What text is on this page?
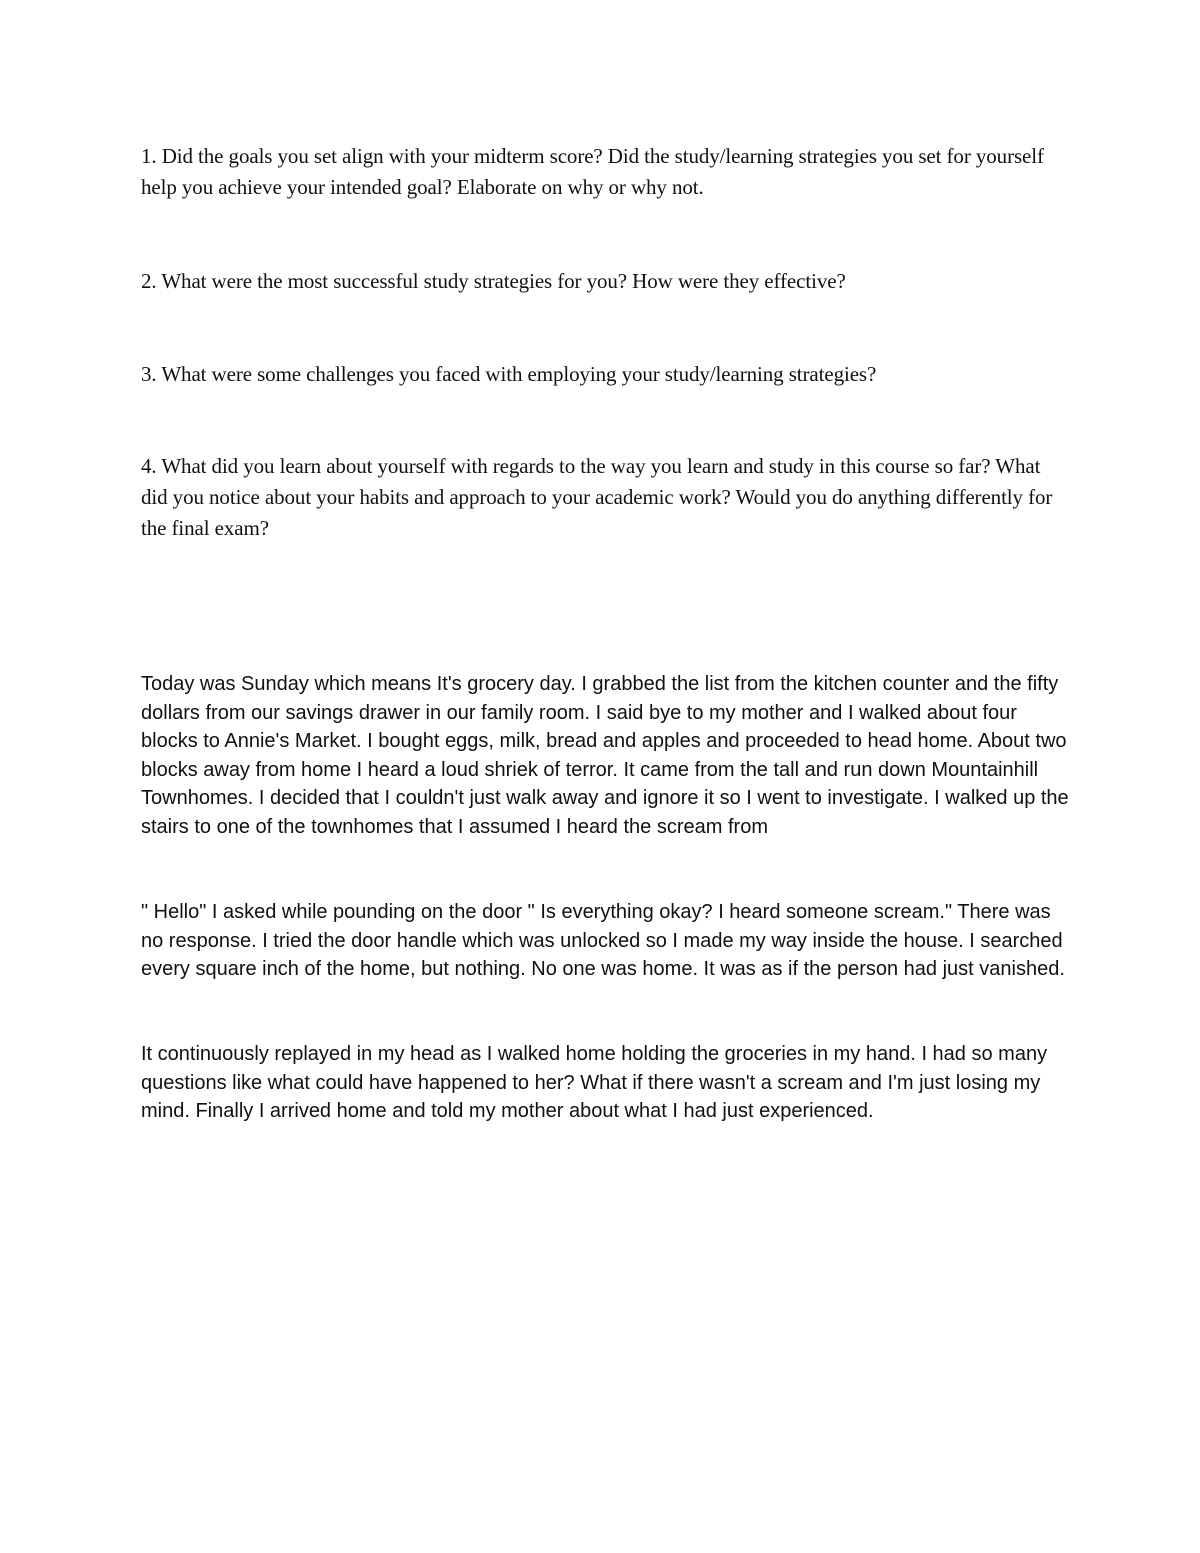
1. Did the goals you set align with your midterm score? Did the study/learning strategies you set for yourself help you achieve your intended goal? Elaborate on why or why not.

2. What were the most successful study strategies for you? How were they effective?

3. What were some challenges you faced with employing your study/learning strategies?

4. What did you learn about yourself with regards to the way you learn and study in this course so far? What did you notice about your habits and approach to your academic work? Would you do anything differently for the final exam?

Today was Sunday which means It's grocery day. I grabbed the list from the kitchen counter and the fifty dollars from our savings drawer in our family room. I said bye to my mother and I walked about four blocks to Annie's Market. I bought eggs, milk, bread and apples and proceeded to head home. About two blocks away from home I heard a loud shriek of terror. It came from the tall and run down Mountainhill Townhomes. I decided that I couldn't just walk away and ignore it so I went to investigate. I walked up the stairs to one of the townhomes that I assumed I heard the scream from

" Hello" I asked while pounding on the door " Is everything okay? I heard someone scream." There was no response. I tried the door handle which was unlocked so I made my way inside the house. I searched every square inch of the home, but nothing. No one was home. It was as if the person had just vanished.

It continuously replayed in my head as I walked home holding the groceries in my hand. I had so many questions like what could have happened to her? What if there wasn't a scream and I'm just losing my mind. Finally I arrived home and told my mother about what I had just experienced.
